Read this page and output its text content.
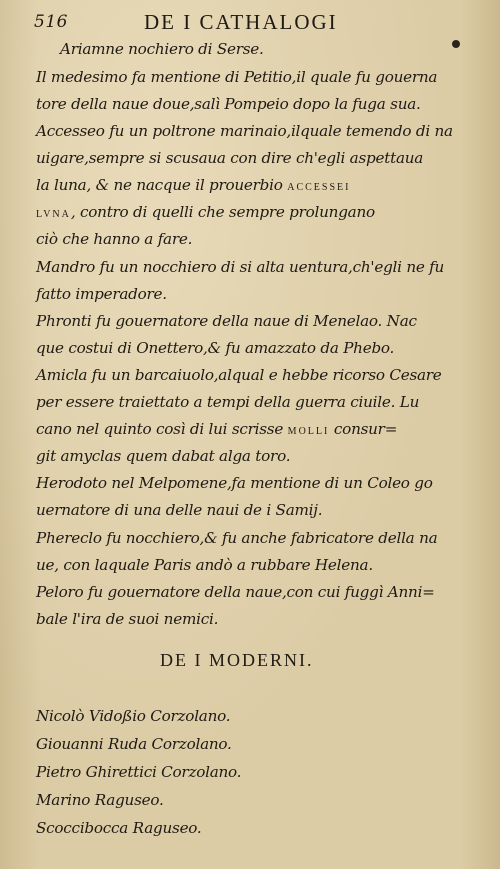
516	DE I CATHALOGI
Ariamne nochiero di Serse.
Il medesimo fa mentione di Petitio,il quale fu gouerna
tore della naue doue,salì Pompeio dopo la fuga sua.
Accesseo fu un poltrone marinaio,ilquale temendo di na
uigare,sempre si scusaua con dire ch'egli aspettaua
la luna, & ne nacque il prouerbio ACCESSEI
LVNA, contro di quelli che sempre prolungano
ciò che hanno a fare.
Mandro fu un nocchiero di si alta uentura,ch'egli ne fu
fatto imperadore.
Phronti fu gouernatore della naue di Menelao. Nac
que costui di Onettero,& fu amazzato da Phebo.
Amicla fu un barcaiuolo,alqual e hebbe ricorso Cesare
per essere traiettato a tempi della guerra ciuile. Lu
cano nel quinto così di lui scrisse MOLLI consur=
git amyclas quem dabat alga toro.
Herodoto nel Melpomene,fa mentione di un Coleo go
uernatore di una delle naui de i Samij.
Phereclo fu nocchiero,& fu anche fabricatore della na
ue, con laquale Paris andò a rubbare Helena.
Peloro fu gouernatore della naue,con cui fuggì Anni=
bale l'ira de suoi nemici.
DE I MODERNI.
Nicolò Vidoßio Corzolano.
Giouanni Ruda Corzolano.
Pietro Ghirettici Corzolano.
Marino Raguseo.
Scoccibocca Raguseo.
